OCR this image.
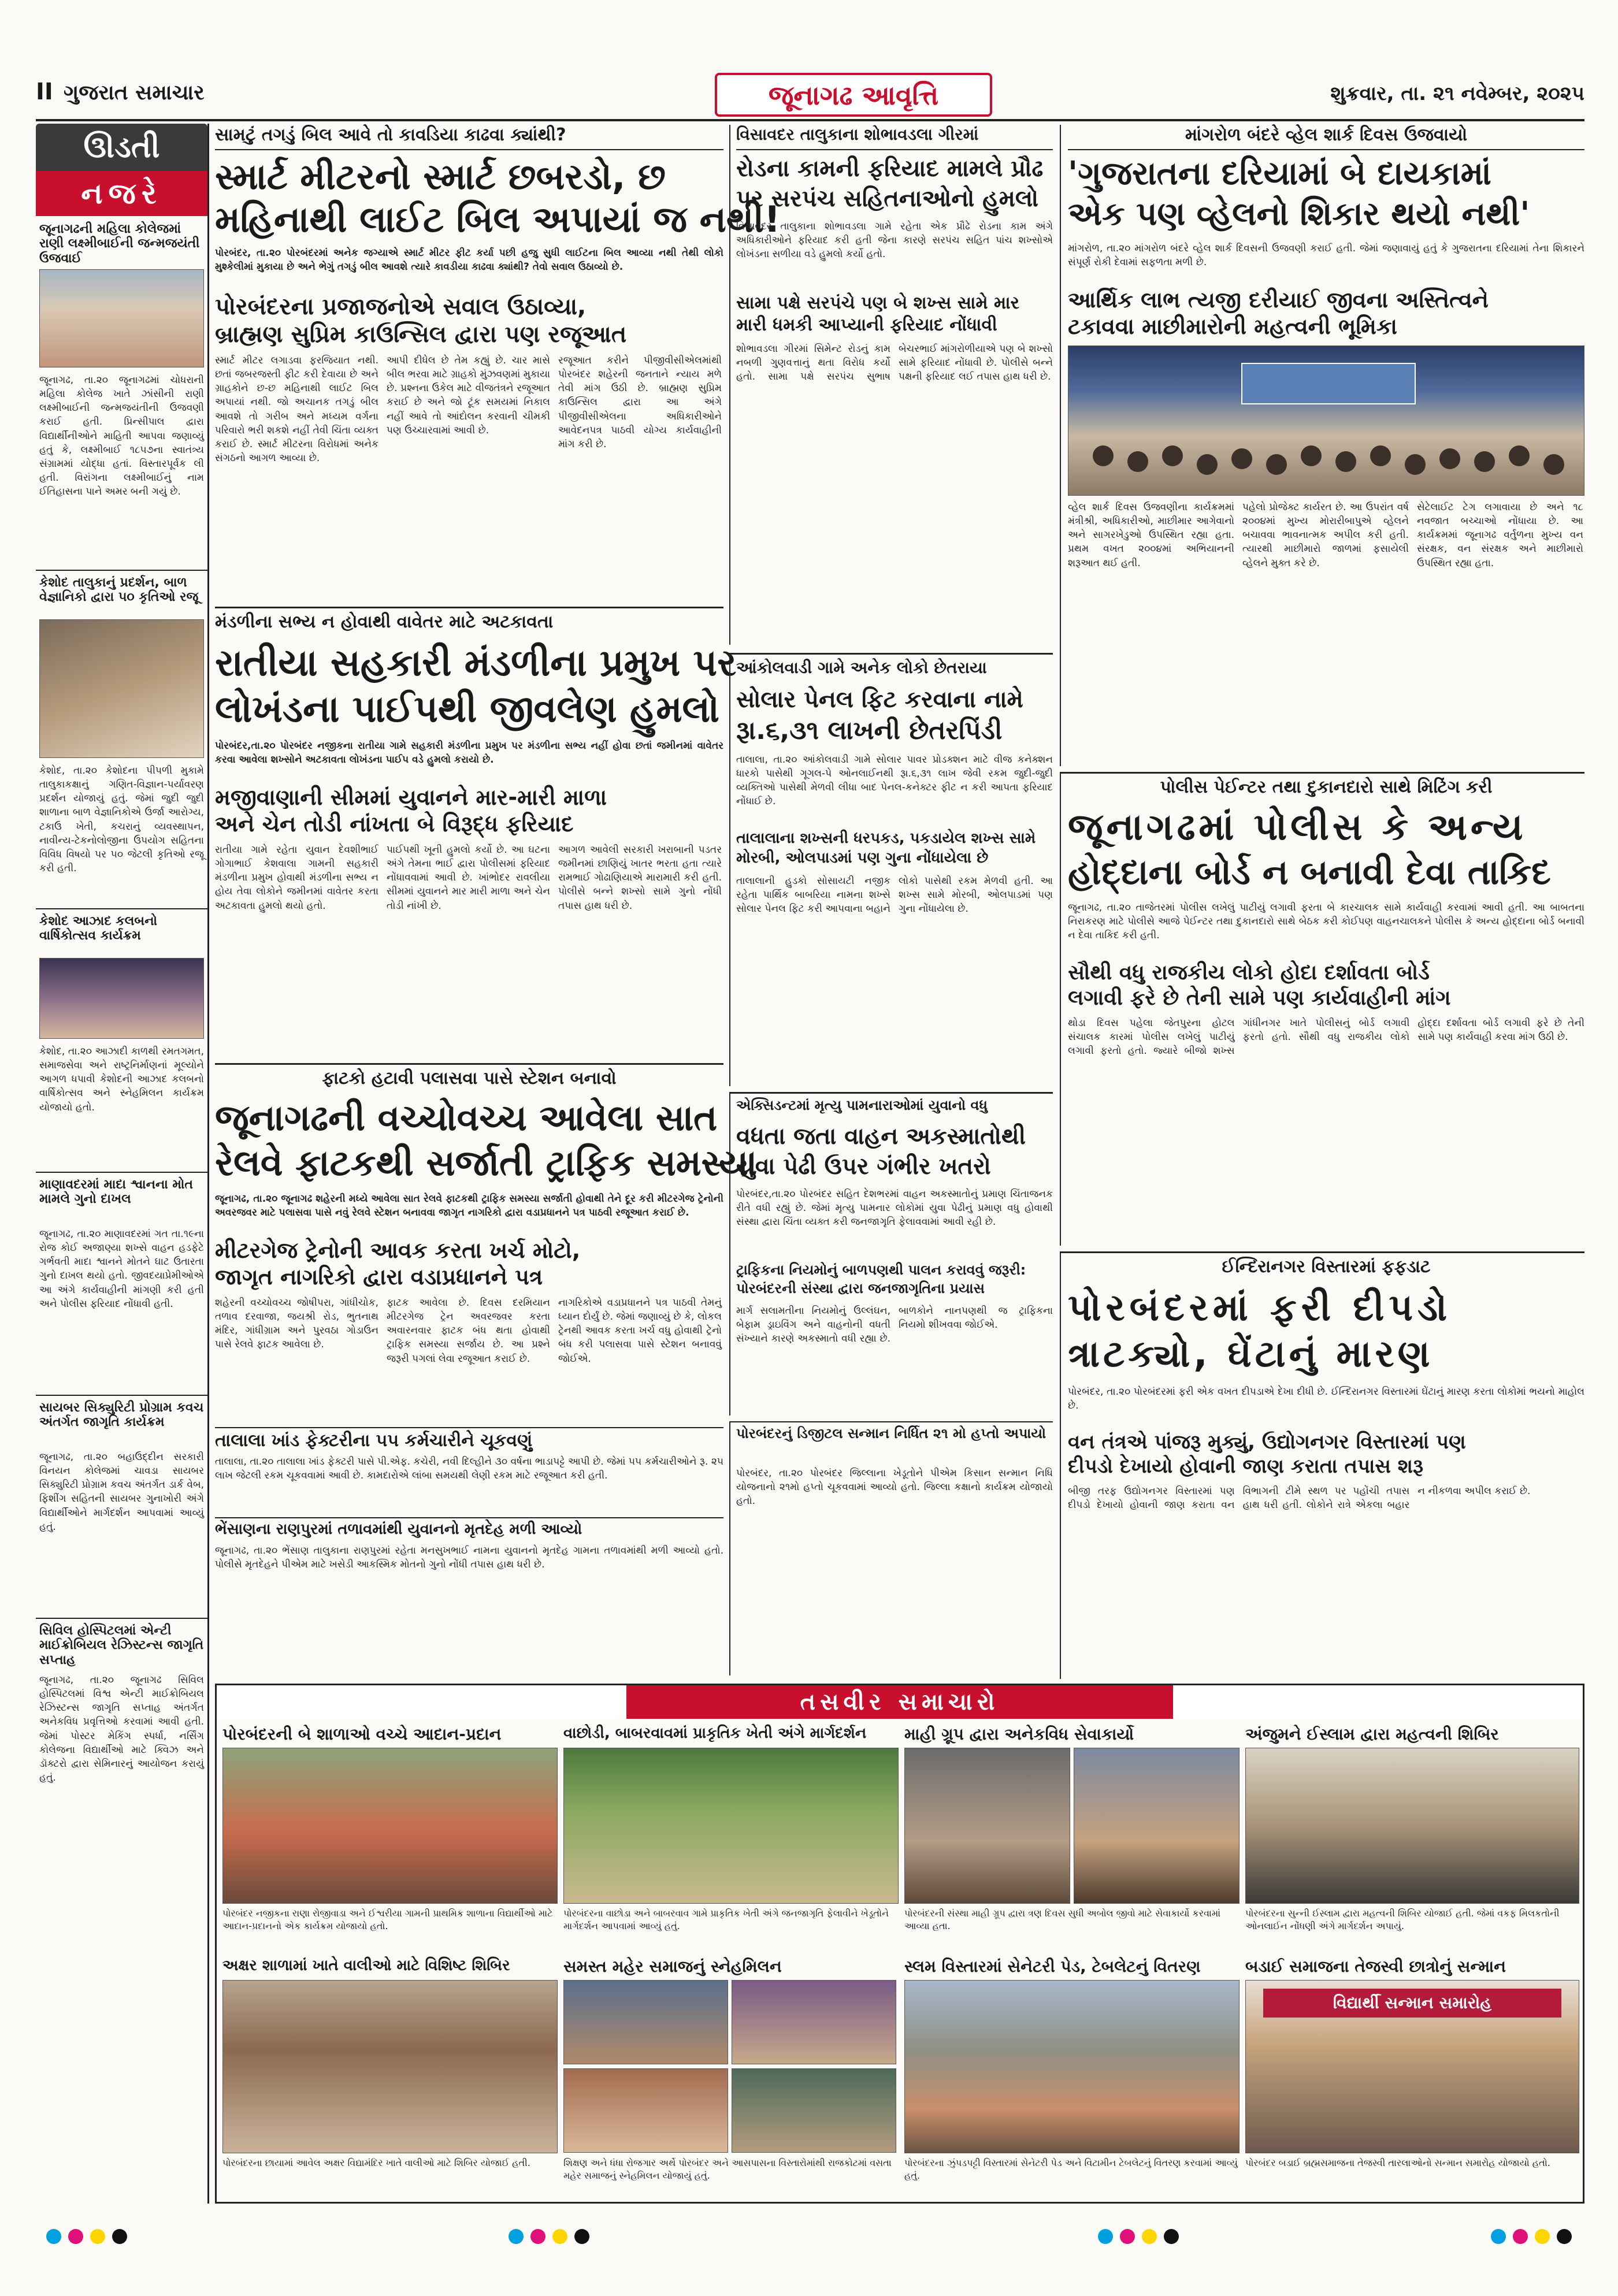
II ગુજરાત સમાચાર	જૂનાગઢ આવૃત્તિ	શુક્રવાર, તા. ૨૧ નવેમ્બર, ૨૦૨૫
ઊડતી
નજરે
જૂનાગઢની મહિલા કોલેજમાં રાણી લક્ષ્મીબાઈની જન્મજયંતી ઉજવાઈ
જૂનાગઢ, તા.૨૦ જૂનાગઢમાં ચોધરાની મહિલા કોલેજ ખાતે ઝાંસીની રાણી લક્ષ્મીબાઈની જન્મજયંતીની ઉજવણી કરાઈ હતી. પ્રિન્સીપાલ દ્વારા વિદ્યાર્થીનીઓને માહિતી આપવા જણાવ્યું હતું કે, લક્ષ્મીબાઈ ૧૮૫૭ના સ્વાતંત્ર્ય સંગ્રામમાં યોદ્ધા હતાં. વિસ્તારપૂર્વક લી હતી. વિરાંગના લક્ષ્મીબાઈનું નામ ઈતિહાસના પાને અમર બની ગયું છે.
કેશોદ તાલુકાનું પ્રદર્શન, બાળ વેજ્ઞાનિકો દ્વારા ૫૦ કૃતિઓ રજૂ
કેશોદ, તા.૨૦ કેશોદના પીપળી મુકામે તાલુકાકક્ષાનું ગણિત-વિજ્ઞાન-પર્યાવરણ પ્રદર્શન યોજાયું હતું. જેમાં જુદી જુદી શાળાના બાળ વેજ્ઞાનિકોએ ઉર્જા આરોગ્ય, ટકાઉ ખેતી, કચરાનું વ્યવસ્થાપન, નાવીન્ય-ટેકનોલોજીના ઉપયોગ સહિતના વિવિધ વિષયો પર ૫૦ જેટલી કૃતિઓ રજૂ કરી હતી.
કેશોદ આઝાદ કલબનો વાર્ષિકોત્સવ કાર્યક્રમ
કેશોદ, તા.૨૦ આઝાદી કાળથી રમતગમત, સમાજસેવા અને રાષ્ટ્રનિર્માણનાં મૂલ્યોને આગળ ધપાવી કેશોદની આઝાદ કલબનો વાર્ષિકોત્સવ અને સ્નેહમિલન કાર્યક્રમ યોજાયો હતો.
માણાવદરમાં માદા શ્વાનના મોત મામલે ગુનો દાખલ
જૂનાગઢ, તા.૨૦ માણાવદરમાં ગત તા.૧૯ના રોજ કોઈ અજાણ્યા શખ્સે વાહન હડફેટે ગર્ભવતી માદા શ્વાનને મોતને ઘાટ ઉતારતા ગુનો દાખલ થયો હતો. જીવદયાપ્રેમીઓએ આ અંગે કાર્યવાહીની માંગણી કરી હતી અને પોલીસ ફરિયાદ નોંધાવી હતી.
સાયબર સિક્યુરિટી પ્રોગ્રામ કવચ અંતર્ગત જાગૃતિ કાર્યક્રમ
જૂનાગઢ, તા.૨૦ બહાઉદ્દીન સરકારી વિનયન કોલેજમાં ચાવડા સાયબર સિક્યુરિટી પ્રોગ્રામ કવચ અંતર્ગત ડાર્ક વેબ, ફિશીંગ સહિતની સાયબર ગુનાખોરી અંગે વિદ્યાર્થીઓને માર્ગદર્શન આપવામાં આવ્યું હતું.
સિવિલ હોસ્પિટલમાં એન્ટી માઈક્રોબિયલ રેઝિસ્ટન્સ જાગૃતિ સપ્તાહ
જૂનાગઢ, તા.૨૦ જૂનાગઢ સિવિલ હોસ્પિટલમાં વિશ્વ એન્ટી માઈક્રોબિયલ રેઝિસ્ટન્સ જાગૃતિ સપ્તાહ અંતર્ગત અનેકવિધ પ્રવૃત્તિઓ કરવામાં આવી હતી. જેમાં પોસ્ટર મેકિંગ સ્પર્ધા, નર્સિંગ કોલેજના વિદ્યાર્થીઓ માટે ક્વિઝ અને ડૉક્ટરો દ્વારા સેમિનારનું આયોજન કરાયું હતું.
સામટું તગડું બિલ આવે તો કાવડિયા કાઢવા ક્યાંથી?
સ્માર્ટ મીટરનો સ્માર્ટ છબરડો, છ
મહિનાથી લાઈટ બિલ અપાયાં જ નથી!
પોરબંદર, તા.૨૦ પોરબંદરમાં અનેક જગ્યાએ સ્માર્ટ મીટર ફીટ કર્યા પછી હજુ સુધી લાઈટના બિલ આવ્યા નથી તેથી લોકો મુશ્કેલીમાં મુકાયા છે અને ભેગું તગડું બીલ આવશે ત્યારે કાવડીયા કાઢવા ક્યાંથી? તેવો સવાલ ઉઠાવ્યો છે.
પોરબંદરના પ્રજાજનોએ સવાલ ઉઠાવ્યા,
બ્રાહ્મણ સુપ્રિમ કાઉન્સિલ દ્વારા પણ રજૂઆત
સ્માર્ટ મીટર લગાડવા ફરજિયાત નથી. છતાં જબરજસ્તી ફીટ કરી દેવાયા છે અને ગ્રાહકોને છ-છ મહિનાથી લાઈટ બિલ અપાયાં નથી. જો અચાનક તગડું બીલ આવશે તો ગરીબ અને મધ્યમ વર્ગના પરિવારો ભરી શકશે નહીં તેવી ચિંતા વ્યક્ત કરાઈ છે. સ્માર્ટ મીટરના વિરોધમાં અનેક સંગઠનો આગળ આવ્યા છે.
આપી દીધેલ છે તેમ કહ્યું છે. ચાર માસે બીલ ભરવા માટે ગ્રાહકો મુંઝવણમાં મુકાયા છે. પ્રશ્નના ઉકેલ માટે વીજતંત્રને રજૂઆત કરાઈ છે અને જો ટૂંક સમયમાં નિકાલ નહીં આવે તો આંદોલન કરવાની ચીમકી પણ ઉચ્ચારવામાં આવી છે.
રજૂઆત કરીને પીજીવીસીએલમાંથી પોરબંદર શહેરની જનતાને ન્યાય મળે તેવી માંગ ઉઠી છે. બ્રાહ્મણ સુપ્રિમ કાઉન્સિલ દ્વારા આ અંગે પીજીવીસીએલના અધિકારીઓને આવેદનપત્ર પાઠવી યોગ્ય કાર્યવાહીની માંગ કરી છે.
મંડળીના સભ્ય ન હોવાથી વાવેતર માટે અટકાવતા
રાતીયા સહકારી મંડળીના પ્રમુખ પર
લોખંડના પાઈપથી જીવલેણ હુમલો
પોરબંદર,તા.૨૦ પોરબંદર નજીકના રાતીયા ગામે સહકારી મંડળીના પ્રમુખ પર મંડળીના સભ્ય નહીં હોવા છતાં જમીનમાં વાવેતર કરવા આવેલા શખ્સોને અટકાવતા લોખંડના પાઈપ વડે હુમલો કરાયો છે.
મજીવાણાની સીમમાં યુવાનને માર-મારી માળા
અને ચેન તોડી નાંખતા બે વિરૂદ્ધ ફરિયાદ
રાતીયા ગામે રહેતા યુવાન દેવશીભાઈ ગોગાભાઈ કેશવાલા ગામની સહકારી મંડળીના પ્રમુખ હોવાથી મંડળીના સભ્ય ન હોય તેવા લોકોને જમીનમાં વાવેતર કરતા અટકાવતા હુમલો થયો હતો.
પાઈપથી ખૂની હુમલો કર્યો છે. આ ઘટના અંગે તેમના ભાઈ દ્વારા પોલીસમાં ફરિયાદ નોંધાવવામાં આવી છે. ખાંભોદર રાવલીયા સીમમાં યુવાનને માર મારી માળા અને ચેન તોડી નાંખી છે.
આગળ આવેલી સરકારી ખરાબાની પડતર જમીનમાં છાણિયું ખાતર ભરતા હતા ત્યારે રામભાઈ ગોઢાણિયાએ મારામારી કરી હતી. પોલીસે બન્ને શખ્સો સામે ગુનો નોંધી તપાસ હાથ ધરી છે.
ફાટકો હટાવી પલાસવા પાસે સ્ટેશન બનાવો
જૂનાગઢની વચ્ચોવચ્ચ આવેલા સાત
રેલવે ફાટકથી સર્જાતી ટ્રાફિક સમસ્યા
જૂનાગઢ, તા.૨૦ જૂનાગઢ શહેરની મધ્યે આવેલા સાત રેલવે ફાટકથી ટ્રાફિક સમસ્યા સર્જાતી હોવાથી તેને દૂર કરી મીટરગેજ ટ્રેનોની અવરજવર માટે પલાસવા પાસે નવું રેલવે સ્ટેશન બનાવવા જાગૃત નાગરિકો દ્વારા વડાપ્રધાનને પત્ર પાઠવી રજૂઆત કરાઈ છે.
મીટરગેજ ટ્રેનોની આવક કરતા ખર્ચ મોટો,
જાગૃત નાગરિકો દ્વારા વડાપ્રધાનને પત્ર
શહેરની વચ્ચોવચ્ચ જોષીપરા, ગાંધીચોક, તળાવ દરવાજા, જયશ્રી રોડ, ભુતનાથ મંદિર, ગાંધીગ્રામ અને પુરવઠા ગોડાઉન પાસે રેલવે ફાટક આવેલા છે.
ફાટક આવેલા છે. દિવસ દરમિયાન મીટરગેજ ટ્રેન અવરજવર કરતા અવારનવાર ફાટક બંધ થતા હોવાથી ટ્રાફિક સમસ્યા સર્જાય છે. આ પ્રશ્ને જરૂરી પગલાં લેવા રજૂઆત કરાઈ છે.
નાગરિકોએ વડાપ્રધાનને પત્ર પાઠવી તેમનું ધ્યાન દોર્યું છે. જેમાં જણાવ્યું છે કે, લોકલ ટ્રેનથી આવક કરતા ખર્ચ વધુ હોવાથી ટ્રેનો બંધ કરી પલાસવા પાસે સ્ટેશન બનાવવું જોઈએ.
તાલાલા ખાંડ ફેક્ટરીના ૫૫ કર્મચારીને ચૂકવણું
તાલાલા, તા.૨૦ તાલાલા ખાંડ ફેક્ટરી પાસે પી.એફ. કચેરી, નવી દિલ્હીને ૩૦ વર્ષના ભાડાપટ્ટે આપી છે. જેમાં ૫૫ કર્મચારીઓને રૂ. ૨૫ લાખ જેટલી રકમ ચૂકવવામાં આવી છે. કામદારોએ લાંબા સમયથી લેણી રકમ માટે રજૂઆત કરી હતી.
ભેંસાણના રાણપુરમાં તળાવમાંથી યુવાનનો મૃતદેહ મળી આવ્યો
જૂનાગઢ, તા.૨૦ ભેંસાણ તાલુકાના રાણપુરમાં રહેતા મનસુખભાઈ નામના યુવાનનો મૃતદેહ ગામના તળાવમાંથી મળી આવ્યો હતો. પોલીસે મૃતદેહને પીએમ માટે ખસેડી આકસ્મિક મોતનો ગુનો નોંધી તપાસ હાથ ધરી છે.
વિસાવદર તાલુકાના શોભાવડલા ગીરમાં
રોડના કામની ફરિયાદ મામલે પ્રૌઢ
પર સરપંચ સહિતનાઓનો હુમલો
વિસાવદર તાલુકાના શોભાવડલા ગામે રહેતા એક પ્રૌઢે રોડના કામ અંગે અધિકારીઓને ફરિયાદ કરી હતી જેના કારણે સરપંચ સહિત પાંચ શખ્સોએ લોખંડના સળીયા વડે હુમલો કર્યો હતો.
સામા પક્ષે સરપંચે પણ બે શખ્સ સામે માર
મારી ધમકી આપ્યાની ફરિયાદ નોંધાવી
શોભાવડલા ગીરમાં સિમેન્ટ રોડનું કામ નબળી ગુણવત્તાનું થતા વિરોધ કર્યો હતો. સામા પક્ષે સરપંચ સુભાષ બેચરભાઈ માંગરોળીયાએ પણ બે શખ્સો સામે ફરિયાદ નોંધાવી છે. પોલીસે બન્ને પક્ષની ફરિયાદ લઈ તપાસ હાથ ધરી છે.
આંકોલવાડી ગામે અનેક લોકો છેતરાયા
સોલાર પેનલ ફિટ કરવાના નામે
રૂા.૬,૩૧ લાખની છેતરપિંડી
તાલાલા, તા.૨૦ આંકોલવાડી ગામે સોલાર પાવર પ્રોડક્શન માટે વીજ કનેક્શન ધારકો પાસેથી ગૂગલ-પે ઓનલાઈનથી રૂા.૬,૩૧ લાખ જેવી રકમ જુદી-જુદી વ્યક્તિઓ પાસેથી મેળવી લીધા બાદ પેનલ-કનેક્ટર ફીટ ન કરી આપતા ફરિયાદ નોંધાઈ છે.
તાલાલાના શખ્સની ધરપકડ, પકડાયેલ શખ્સ સામે
મોરબી, ઓલપાડમાં પણ ગુના નોંધાયેલા છે
તાલાલાની હુડકો સોસાયટી નજીક રહેતા પાર્થિક બાબરિયા નામના શખ્સે સોલાર પેનલ ફિટ કરી આપવાના બહાને લોકો પાસેથી રકમ મેળવી હતી. આ શખ્સ સામે મોરબી, ઓલપાડમાં પણ ગુના નોંધાયેલા છે.
એક્સિડન્ટમાં મૃત્યુ પામનારાઓમાં યુવાનો વધુ
વધતા જતા વાહન અકસ્માતોથી
યુવા પેઢી ઉપર ગંભીર ખતરો
પોરબંદર,તા.૨૦ પોરબંદર સહિત દેશભરમાં વાહન અકસ્માતોનું પ્રમાણ ચિંતાજનક રીતે વધી રહ્યું છે. જેમાં મૃત્યુ પામનાર લોકોમાં યુવા પેઢીનું પ્રમાણ વધુ હોવાથી સંસ્થા દ્વારા ચિંતા વ્યક્ત કરી જનજાગૃતિ ફેલાવવામાં આવી રહી છે.
ટ્રાફિકના નિયમોનું બાળપણથી પાલન કરાવવું જરૂરી:
પોરબંદરની સંસ્થા દ્વારા જનજાગૃતિના પ્રયાસ
માર્ગ સલામતીના નિયમોનું ઉલ્લંઘન, બેફામ ડ્રાઇવિંગ અને વાહનોની વધતી સંખ્યાને કારણે અકસ્માતો વધી રહ્યા છે. બાળકોને નાનપણથી જ ટ્રાફિકના નિયમો શીખવવા જોઈએ.
પોરબંદરનું ડિજીટલ સન્માન નિર્ધિત ૨૧ મો હપ્તો અપાયો
પોરબંદર, તા.૨૦ પોરબંદર જિલ્લાના ખેડૂતોને પીએમ કિસાન સન્માન નિધિ યોજનાનો ૨૧મો હપ્તો ચૂકવવામાં આવ્યો હતો. જિલ્લા કક્ષાનો કાર્યક્રમ યોજાયો હતો.
માંગરોળ બંદરે વ્હેલ શાર્ક દિવસ ઉજવાયો
'ગુજરાતના દરિયામાં બે દાયકામાં
એક પણ વ્હેલનો શિકાર થયો નથી'
માંગરોળ, તા.૨૦ માંગરોળ બંદરે વ્હેલ શાર્ક દિવસની ઉજવણી કરાઈ હતી. જેમાં જણાવાયું હતું કે ગુજરાતના દરિયામાં તેના શિકારને સંપૂર્ણ રોકી દેવામાં સફળતા મળી છે.
આર્થિક લાભ ત્યજી દરીયાઈ જીવના અસ્તિત્વને
ટકાવવા માછીમારોની મહત્વની ભૂમિકા
વ્હેલ શાર્ક દિવસ ઉજવણીના કાર્યક્રમમાં મંત્રીશ્રી, અધિકારીઓ, માછીમાર આગેવાનો અને સાગરખેડુઓ ઉપસ્થિત રહ્યા હતા. પ્રથમ વખત ૨૦૦૪માં અભિયાનની શરૂઆત થઈ હતી.
પહેલો પ્રોજેક્ટ કાર્યરત છે. આ ઉપરાંત વર્ષ ૨૦૦૪માં મુખ્ય મોરારીબાપુએ વ્હેલને બચાવવા ભાવનાત્મક અપીલ કરી હતી. ત્યારથી માછીમારો જાળમાં ફસાયેલી વ્હેલને મુક્ત કરે છે.
સેટેલાઈટ ટેગ લગાવાયા છે અને ૧૮ નવજાત બચ્ચાઓ નોંધાયા છે. આ કાર્યક્રમમાં જૂનાગઢ વર્તુળના મુખ્ય વન સંરક્ષક, વન સંરક્ષક અને માછીમારો ઉપસ્થિત રહ્યા હતા.
પોલીસ પેઈન્ટર તથા દુકાનદારો સાથે મિટિંગ કરી
જૂનાગઢમાં પોલીસ કે અન્ય
હોદ્દાના બોર્ડ ન બનાવી દેવા તાકિદ
જૂનાગઢ, તા.૨૦ તાજેતરમાં પોલીસ લખેલું પાટીયું લગાવી ફરતા બે કારચાલક સામે કાર્યવાહી કરવામાં આવી હતી. આ બાબતના નિરાકરણ માટે પોલીસે આજે પેઈન્ટર તથા દુકાનદારો સાથે બેઠક કરી કોઈપણ વાહનચાલકને પોલીસ કે અન્ય હોદ્દાના બોર્ડ બનાવી ન દેવા તાકિદ કરી હતી.
સૌથી વધુ રાજકીય લોકો હોદા દર્શાવતા બોર્ડ
લગાવી ફરે છે તેની સામે પણ કાર્યવાહીની માંગ
થોડા દિવસ પહેલા જેતપુરના હોટલ સંચાલક કારમાં પોલીસ લખેલું પાટીયું લગાવી ફરતો હતો. જ્યારે બીજો શખ્સ ગાંધીનગર ખાતે પોલીસનું બોર્ડ લગાવી ફરતો હતો. સૌથી વધુ રાજકીય લોકો હોદ્દા દર્શાવતા બોર્ડ લગાવી ફરે છે તેની સામે પણ કાર્યવાહી કરવા માંગ ઉઠી છે.
ઈન્દિરાનગર વિસ્તારમાં ફફડાટ
પોરબંદરમાં ફરી દીપડો
ત્રાટક્યો, ઘેંટાનું મારણ
પોરબંદર, તા.૨૦ પોરબંદરમાં ફરી એક વખત દીપડાએ દેખા દીધી છે. ઈન્દિરાનગર વિસ્તારમાં ઘેંટાનું મારણ કરતા લોકોમાં ભયનો માહોલ છે.
વન તંત્રએ પાંજરૂ મુક્યું, ઉદ્યોગનગર વિસ્તારમાં પણ
દીપડો દેખાયો હોવાની જાણ કરાતા તપાસ શરૂ
બીજી તરફ ઉદ્યોગનગર વિસ્તારમાં પણ દીપડો દેખાયો હોવાની જાણ કરાતા વન વિભાગની ટીમે સ્થળ પર પહોંચી તપાસ હાથ ધરી હતી. લોકોને રાત્રે એકલા બહાર ન નીકળવા અપીલ કરાઈ છે.
તસવીર સમાચારો
પોરબંદરની બે શાળાઓ વચ્ચે આદાન-પ્રદાન
પોરબંદર નજીકના રાણા રોજીવાડા અને ઈશ્વરીયા ગામની પ્રાથમિક શાળાના વિદ્યાર્થીઓ માટે આદાન-પ્રદાનનો એક કાર્યક્રમ યોજાયો હતો.
વાછોડી, બાબરવાવમાં પ્રાકૃતિક ખેતી અંગે માર્ગદર્શન
પોરબંદરના વાછોડા અને બાબરવાવ ગામે પ્રાકૃતિક ખેતી અંગે જનજાગૃતિ ફેલાવીને ખેડૂતોને માર્ગદર્શન આપવામાં આવ્યું હતું.
માહી ગ્રૂપ દ્વારા અનેકવિધ સેવાકાર્યો
પોરબંદરની સંસ્થા માહી ગ્રૂપ દ્વારા ત્રણ દિવસ સુધી અબોલ જીવો માટે સેવાકાર્યો કરવામાં આવ્યા હતા.
અંજુમને ઈસ્લામ દ્વારા મહત્વની શિબિર
પોરબંદરના સુન્ની ઈસ્લામ દ્વારા મહત્વની શિબિર યોજાઈ હતી. જેમાં વકફ મિલકતોની ઓનલાઈન નોંધણી અંગે માર્ગદર્શન અપાયું.
અક્ષર શાળામાં ખાતે વાલીઓ માટે વિશિષ્ટ શિબિર
પોરબંદરના છાયામાં આવેલ અક્ષર વિદ્યામંદિર ખાતે વાલીઓ માટે શિબિર યોજાઈ હતી.
સમસ્ત મહેર સમાજનું સ્નેહમિલન
શિક્ષણ અને ધંધા રોજગાર અર્થે પોરબંદર અને આસપાસના વિસ્તારોમાંથી રાજકોટમાં વસતા મહેર સમાજનું સ્નેહમિલન યોજાયું હતું.
સ્લમ વિસ્તારમાં સેનેટરી પેડ, ટેબલેટનું વિતરણ
પોરબંદરના ઝુંપડપટ્ટી વિસ્તારમાં સેનેટરી પેડ અને વિટામીન ટેબલેટનું વિતરણ કરવામાં આવ્યું હતું.
બડાઈ સમાજના તેજસ્વી છાત્રોનું સન્માન
વિદ્યાર્થી સન્માન સમારોહ
પોરબંદર બડાઈ બ્રહ્મસમાજના તેજસ્વી તારલાઓનો સન્માન સમારોહ યોજાયો હતો.
